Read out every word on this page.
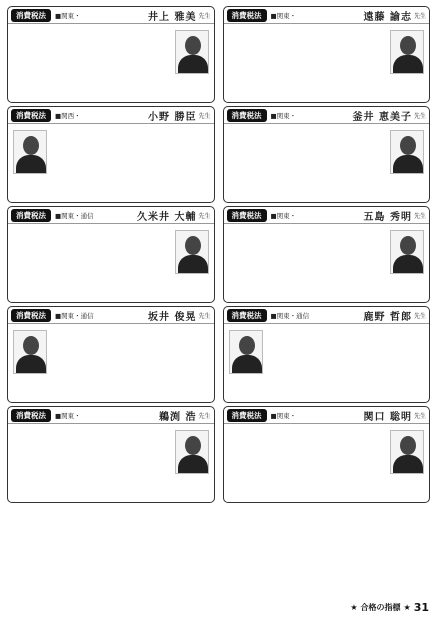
消費税法	■関東・	井上 雅美 先生	消費税法	■関東・	遠藤 諭志 先生
消費税法	■関西・	小野 勝臣 先生	消費税法	■関東・	釜井 恵美子 先生
消費税法	■関東・通信	久米井 大輔 先生	消費税法	■関東・	五島 秀明 先生
消費税法	■関東・通信	坂井 俊晃 先生	消費税法	■関東・通信	鹿野 哲郎 先生
消費税法	■関東・	鵜渕 浩 先生	消費税法	■関東・	関口 聡明 先生
★ 合格の指標 ★ 31
